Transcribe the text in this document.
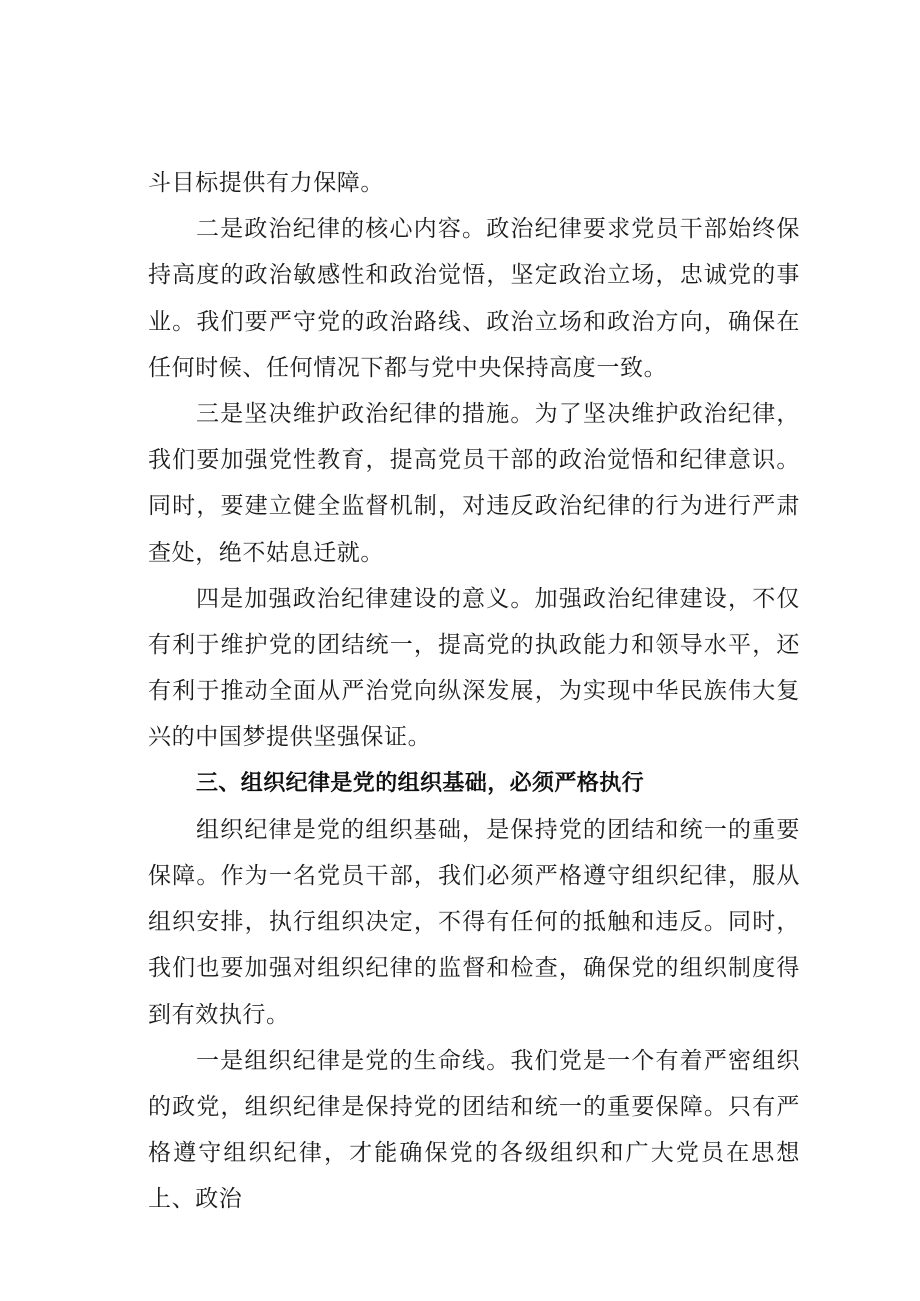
斗目标提供有力保障。

二是政治纪律的核心内容。政治纪律要求党员干部始终保持高度的政治敏感性和政治觉悟，坚定政治立场，忠诚党的事业。我们要严守党的政治路线、政治立场和政治方向，确保在任何时候、任何情况下都与党中央保持高度一致。

三是坚决维护政治纪律的措施。为了坚决维护政治纪律，我们要加强党性教育，提高党员干部的政治觉悟和纪律意识。同时，要建立健全监督机制，对违反政治纪律的行为进行严肃查处，绝不姑息迁就。

四是加强政治纪律建设的意义。加强政治纪律建设，不仅有利于维护党的团结统一，提高党的执政能力和领导水平，还有利于推动全面从严治党向纵深发展，为实现中华民族伟大复兴的中国梦提供坚强保证。

三、组织纪律是党的组织基础，必须严格执行

组织纪律是党的组织基础，是保持党的团结和统一的重要保障。作为一名党员干部，我们必须严格遵守组织纪律，服从组织安排，执行组织决定，不得有任何的抵触和违反。同时，我们也要加强对组织纪律的监督和检查，确保党的组织制度得到有效执行。

一是组织纪律是党的生命线。我们党是一个有着严密组织的政党，组织纪律是保持党的团结和统一的重要保障。只有严格遵守组织纪律，才能确保党的各级组织和广大党员在思想上、政治
